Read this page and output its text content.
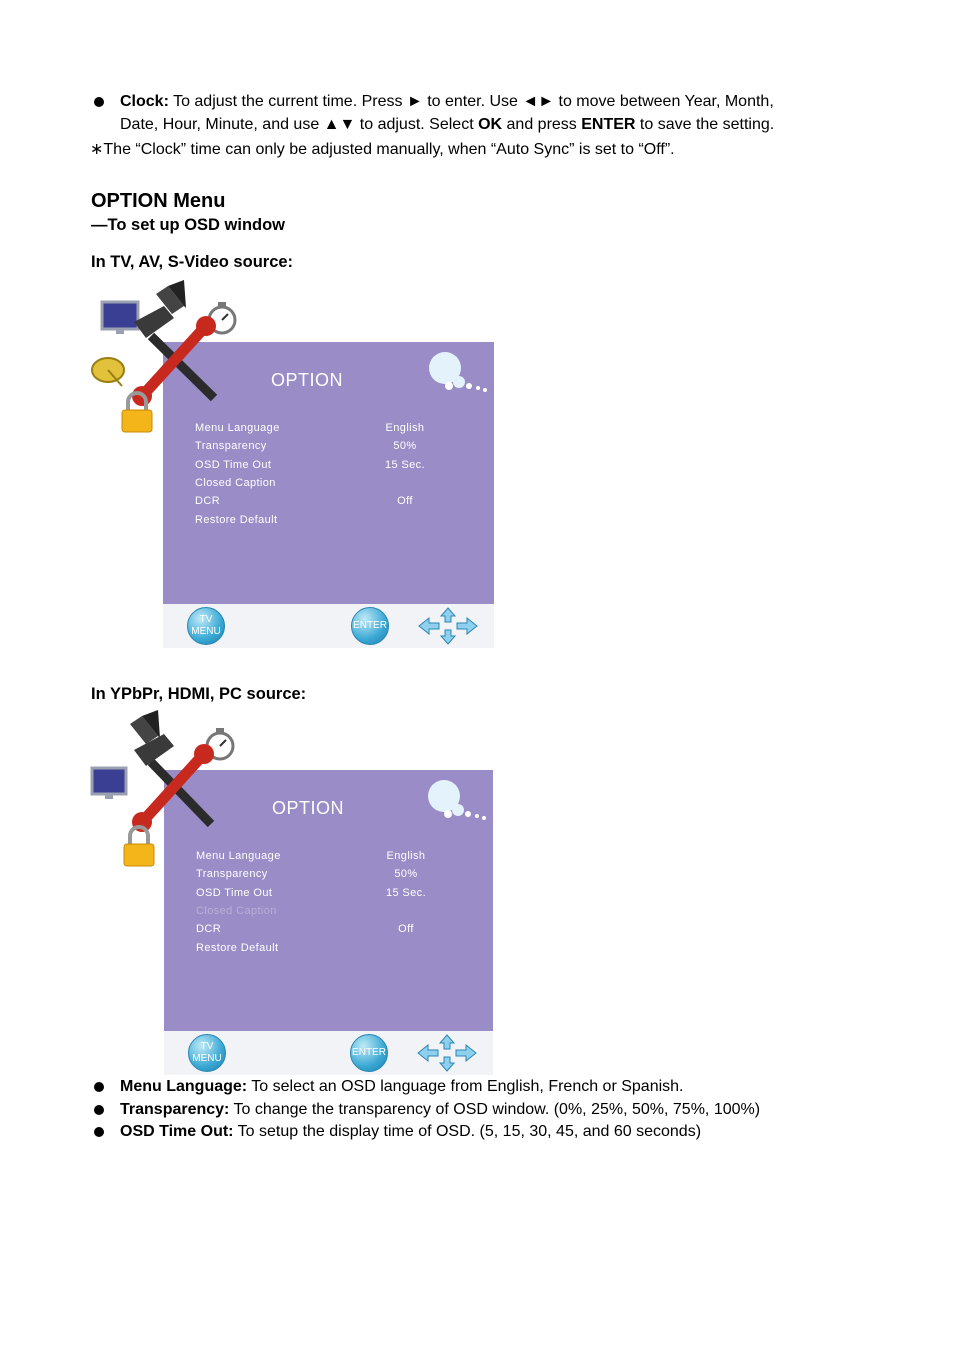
Clock: To adjust the current time. Press ► to enter. Use ◄► to move between Year, Month,
Date, Hour, Minute, and use ▲▼ to adjust. Select OK and press ENTER to save the setting.
∗The “Clock” time can only be adjusted manually, when “Auto Sync” is set to “Off”.
OPTION Menu
—To set up OSD window
In TV, AV, S-Video source:
OPTION
Menu Language	English
Transparency	50%
OSD Time Out	15 Sec.
Closed Caption
DCR	Off
Restore Default
TV MENU
ENTER
In YPbPr, HDMI, PC source:
OPTION
Menu Language	English
Transparency	50%
OSD Time Out	15 Sec.
Closed Caption
DCR	Off
Restore Default
TV MENU
ENTER
Menu Language: To select an OSD language from English, French or Spanish.
Transparency: To change the transparency of OSD window. (0%, 25%, 50%, 75%, 100%)
OSD Time Out: To setup the display time of OSD. (5, 15, 30, 45, and 60 seconds)
